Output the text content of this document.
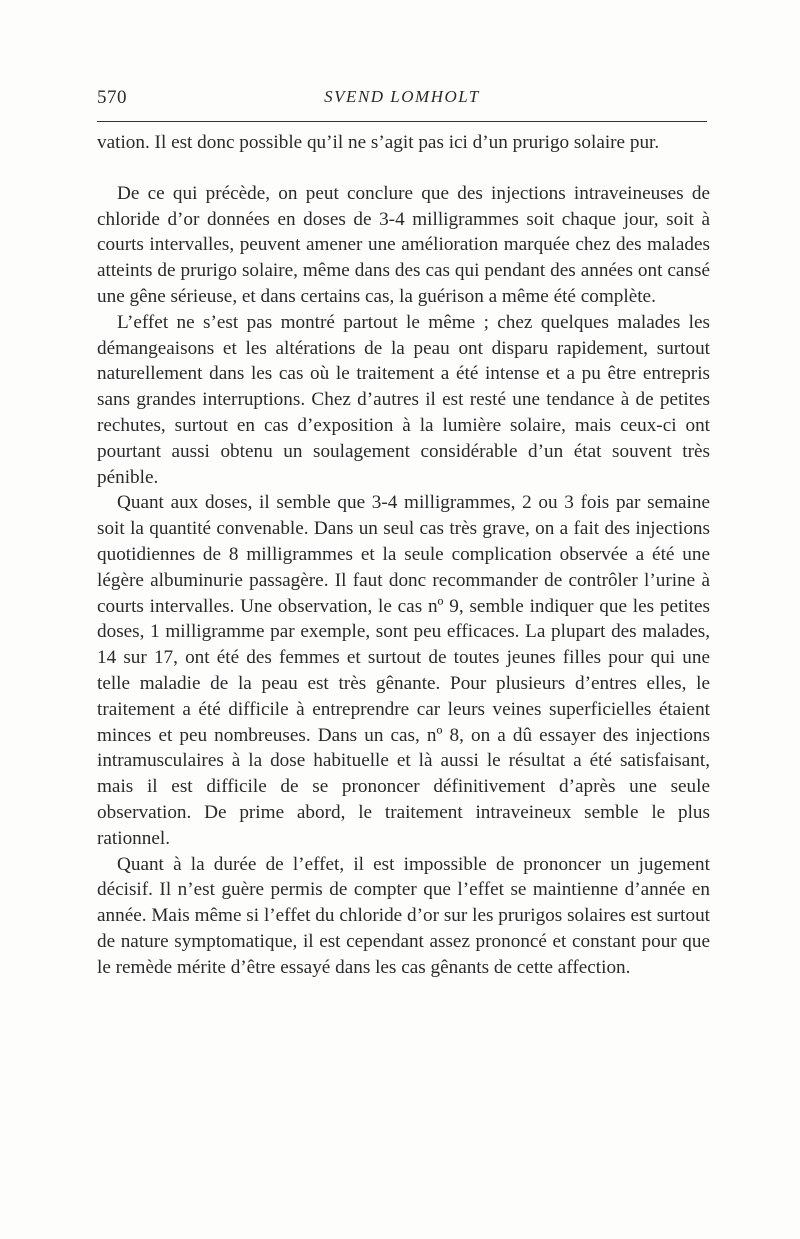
570	SVEND LOMHOLT

vation. Il est donc possible qu’il ne s’agit pas ici d’un prurigo solaire pur.

De ce qui précède, on peut conclure que des injections intraveineuses de chloride d’or données en doses de 3-4 milligrammes soit chaque jour, soit à courts intervalles, peuvent amener une amélioration marquée chez des malades atteints de prurigo solaire, même dans des cas qui pendant des années ont cansé une gêne sérieuse, et dans certains cas, la guérison a même été complète.

L’effet ne s’est pas montré partout le même ; chez quelques malades les démangeaisons et les altérations de la peau ont disparu rapidement, surtout naturellement dans les cas où le traitement a été intense et a pu être entrepris sans grandes interruptions. Chez d’autres il est resté une tendance à de petites rechutes, surtout en cas d’exposition à la lumière solaire, mais ceux-ci ont pourtant aussi obtenu un soulagement considérable d’un état souvent très pénible.

Quant aux doses, il semble que 3-4 milligrammes, 2 ou 3 fois par semaine soit la quantité convenable. Dans un seul cas très grave, on a fait des injections quotidiennes de 8 milligrammes et la seule complication observée a été une légère albuminurie passagère. Il faut donc recommander de contrôler l’urine à courts intervalles. Une observation, le cas nº 9, semble indiquer que les petites doses, 1 milligramme par exemple, sont peu efficaces. La plupart des malades, 14 sur 17, ont été des femmes et surtout de toutes jeunes filles pour qui une telle maladie de la peau est très gênante. Pour plusieurs d’entres elles, le traitement a été difficile à entreprendre car leurs veines superficielles étaient minces et peu nombreuses. Dans un cas, nº 8, on a dû essayer des injections intramusculaires à la dose habituelle et là aussi le résultat a été satisfaisant, mais il est difficile de se prononcer définitivement d’après une seule observation. De prime abord, le traitement intraveineux semble le plus rationnel.

Quant à la durée de l’effet, il est impossible de prononcer un jugement décisif. Il n’est guère permis de compter que l’effet se maintienne d’année en année. Mais même si l’effet du chloride d’or sur les prurigos solaires est surtout de nature symptomatique, il est cependant assez prononcé et constant pour que le remède mérite d’être essayé dans les cas gênants de cette affection.
